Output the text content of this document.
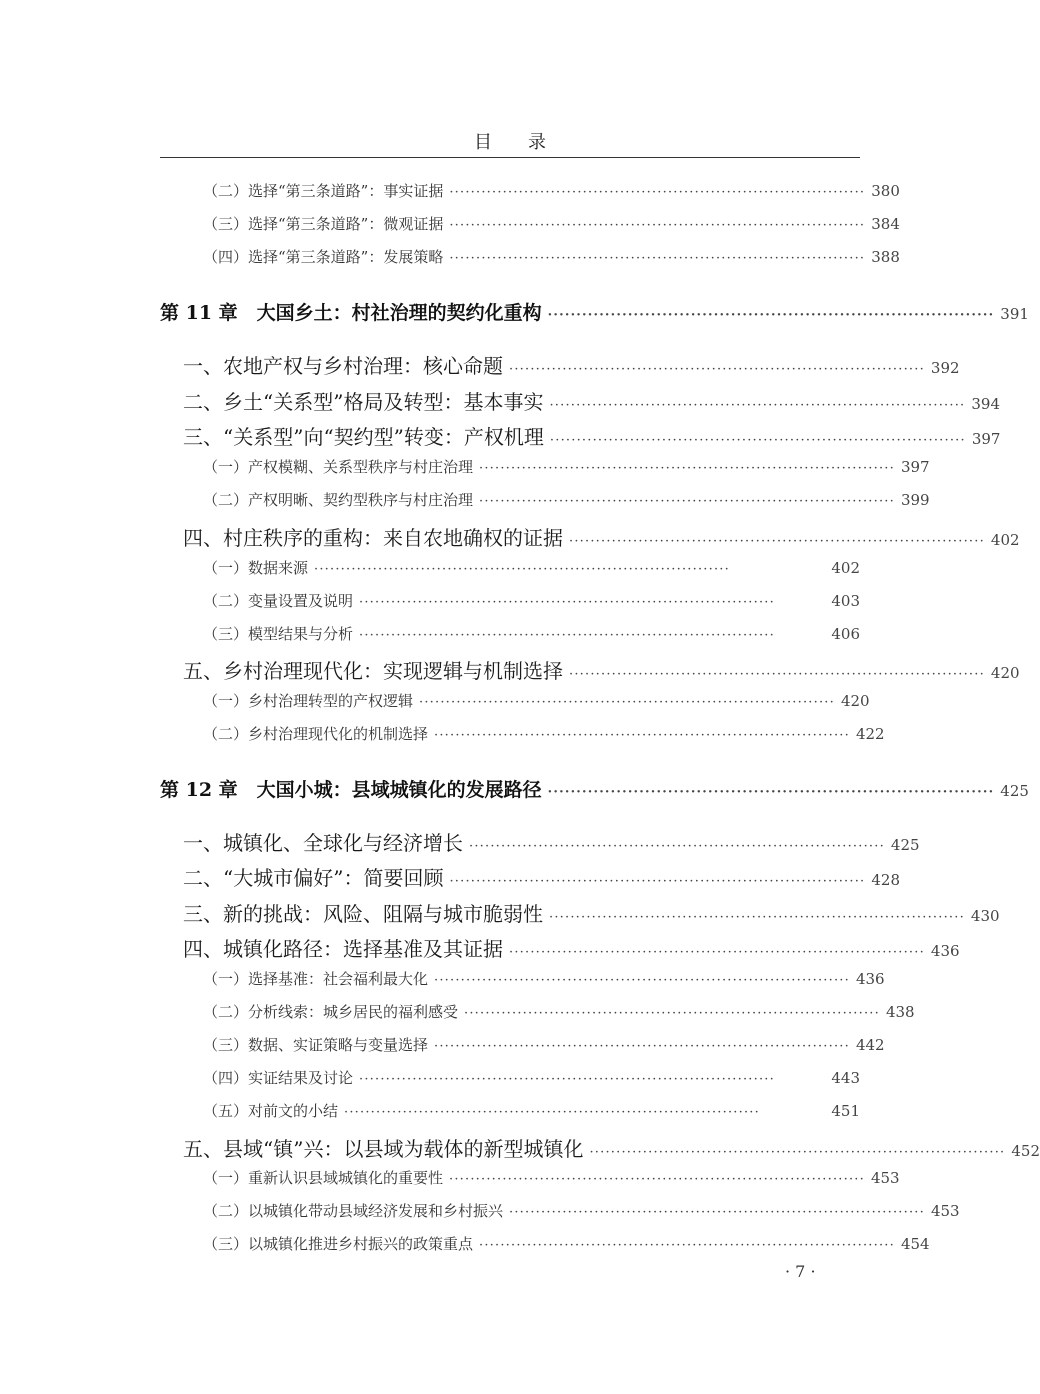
目　　录
（二）选择“第三条道路”：事实证据 ·············································································· 380
（三）选择“第三条道路”：微观证据 ·············································································· 384
（四）选择“第三条道路”：发展策略 ·············································································· 388
第 11 章　大国乡土：村社治理的契约化重构 ·············································································· 391
一、农地产权与乡村治理：核心命题 ·············································································· 392
二、乡土“关系型”格局及转型：基本事实 ·············································································· 394
三、“关系型”向“契约型”转变：产权机理 ·············································································· 397
（一）产权模糊、关系型秩序与村庄治理 ·············································································· 397
（二）产权明晰、契约型秩序与村庄治理 ·············································································· 399
四、村庄秩序的重构：来自农地确权的证据 ·············································································· 402
（一）数据来源 ··············································································	402
（二）变量设置及说明 ··············································································	403
（三）模型结果与分析 ··············································································	406
五、乡村治理现代化：实现逻辑与机制选择 ·············································································· 420
（一）乡村治理转型的产权逻辑 ·············································································· 420
（二）乡村治理现代化的机制选择 ·············································································· 422
第 12 章　大国小城：县域城镇化的发展路径 ·············································································· 425
一、城镇化、全球化与经济增长 ·············································································· 425
二、“大城市偏好”：简要回顾 ·············································································· 428
三、新的挑战：风险、阻隔与城市脆弱性 ·············································································· 430
四、城镇化路径：选择基准及其证据 ·············································································· 436
（一）选择基准：社会福利最大化 ·············································································· 436
（二）分析线索：城乡居民的福利感受 ·············································································· 438
（三）数据、实证策略与变量选择 ·············································································· 442
（四）实证结果及讨论 ··············································································	443
（五）对前文的小结 ··············································································	451
五、县域“镇”兴：以县域为载体的新型城镇化 ·············································································· 452
（一）重新认识县域城镇化的重要性 ·············································································· 453
（二）以城镇化带动县域经济发展和乡村振兴 ·············································································· 453
（三）以城镇化推进乡村振兴的政策重点 ·············································································· 454
· 7 ·
